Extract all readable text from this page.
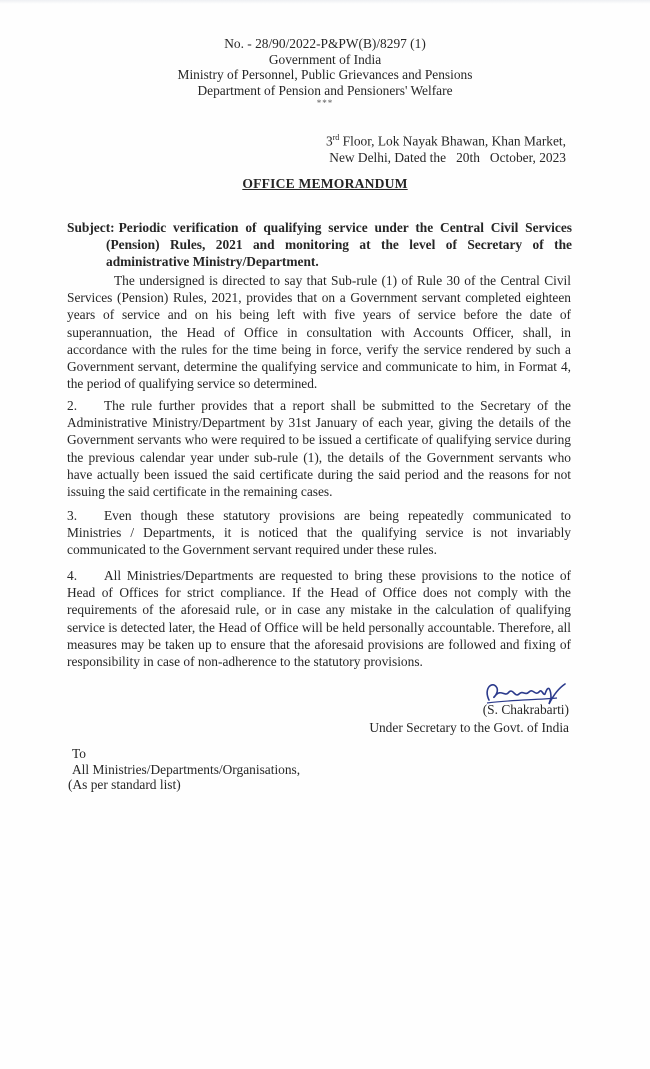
No. - 28/90/2022-P&PW(B)/8297 (1)
Government of India
Ministry of Personnel, Public Grievances and Pensions
Department of Pension and Pensioners' Welfare
***
3rd Floor, Lok Nayak Bhawan, Khan Market,
New Delhi, Dated the   20th   October, 2023
OFFICE MEMORANDUM
Subject: Periodic verification of qualifying service under the Central Civil Services
(Pension) Rules, 2021 and monitoring at the level of Secretary of the
administrative Ministry/Department.
The undersigned is directed to say that Sub-rule (1) of Rule 30 of the Central Civil Services (Pension) Rules, 2021, provides that on a Government servant completed eighteen years of service and on his being left with five years of service before the date of superannuation, the Head of Office in consultation with Accounts Officer, shall, in accordance with the rules for the time being in force, verify the service rendered by such a Government servant, determine the qualifying service and communicate to him, in Format 4, the period of qualifying service so determined.
2. The rule further provides that a report shall be submitted to the Secretary of the Administrative Ministry/Department by 31st January of each year, giving the details of the Government servants who were required to be issued a certificate of qualifying service during the previous calendar year under sub-rule (1), the details of the Government servants who have actually been issued the said certificate during the said period and the reasons for not issuing the said certificate in the remaining cases.
3. Even though these statutory provisions are being repeatedly communicated to Ministries / Departments, it is noticed that the qualifying service is not invariably communicated to the Government servant required under these rules.
4. All Ministries/Departments are requested to bring these provisions to the notice of Head of Offices for strict compliance. If the Head of Office does not comply with the requirements of the aforesaid rule, or in case any mistake in the calculation of qualifying service is detected later, the Head of Office will be held personally accountable. Therefore, all measures may be taken up to ensure that the aforesaid provisions are followed and fixing of responsibility in case of non-adherence to the statutory provisions.
(S. Chakrabarti)
Under Secretary to the Govt. of India
To
All Ministries/Departments/Organisations,
(As per standard list)
